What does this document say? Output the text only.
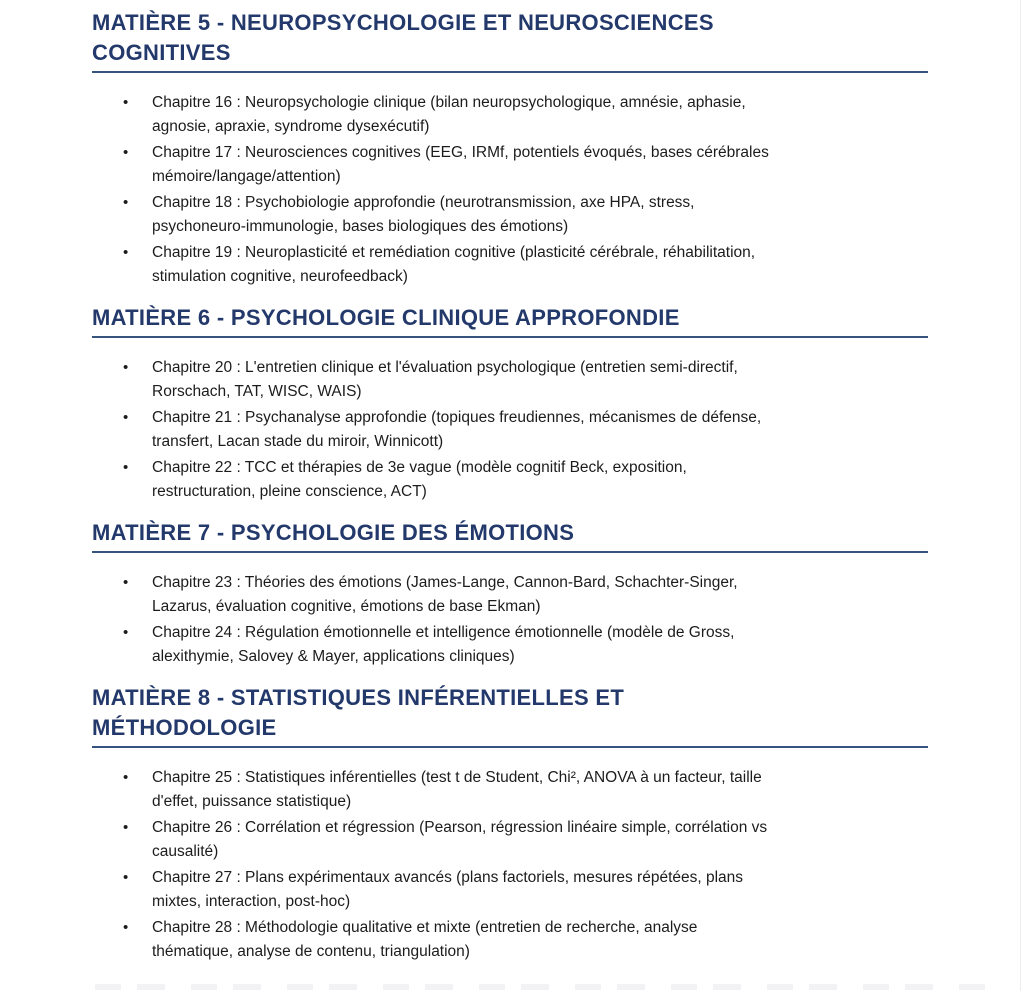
MATIÈRE 5 - NEUROPSYCHOLOGIE ET NEUROSCIENCES
COGNITIVES
• Chapitre 16 : Neuropsychologie clinique (bilan neuropsychologique, amnésie, aphasie,
agnosie, apraxie, syndrome dysexécutif)
• Chapitre 17 : Neurosciences cognitives (EEG, IRMf, potentiels évoqués, bases cérébrales
mémoire/langage/attention)
• Chapitre 18 : Psychobiologie approfondie (neurotransmission, axe HPA, stress,
psychoneuro-immunologie, bases biologiques des émotions)
• Chapitre 19 : Neuroplasticité et remédiation cognitive (plasticité cérébrale, réhabilitation,
stimulation cognitive, neurofeedback)
MATIÈRE 6 - PSYCHOLOGIE CLINIQUE APPROFONDIE
• Chapitre 20 : L'entretien clinique et l'évaluation psychologique (entretien semi-directif,
Rorschach, TAT, WISC, WAIS)
• Chapitre 21 : Psychanalyse approfondie (topiques freudiennes, mécanismes de défense,
transfert, Lacan stade du miroir, Winnicott)
• Chapitre 22 : TCC et thérapies de 3e vague (modèle cognitif Beck, exposition,
restructuration, pleine conscience, ACT)
MATIÈRE 7 - PSYCHOLOGIE DES ÉMOTIONS
• Chapitre 23 : Théories des émotions (James-Lange, Cannon-Bard, Schachter-Singer,
Lazarus, évaluation cognitive, émotions de base Ekman)
• Chapitre 24 : Régulation émotionnelle et intelligence émotionnelle (modèle de Gross,
alexithymie, Salovey & Mayer, applications cliniques)
MATIÈRE 8 - STATISTIQUES INFÉRENTIELLES ET
MÉTHODOLOGIE
• Chapitre 25 : Statistiques inférentielles (test t de Student, Chi², ANOVA à un facteur, taille
d'effet, puissance statistique)
• Chapitre 26 : Corrélation et régression (Pearson, régression linéaire simple, corrélation vs
causalité)
• Chapitre 27 : Plans expérimentaux avancés (plans factoriels, mesures répétées, plans
mixtes, interaction, post-hoc)
• Chapitre 28 : Méthodologie qualitative et mixte (entretien de recherche, analyse
thématique, analyse de contenu, triangulation)
